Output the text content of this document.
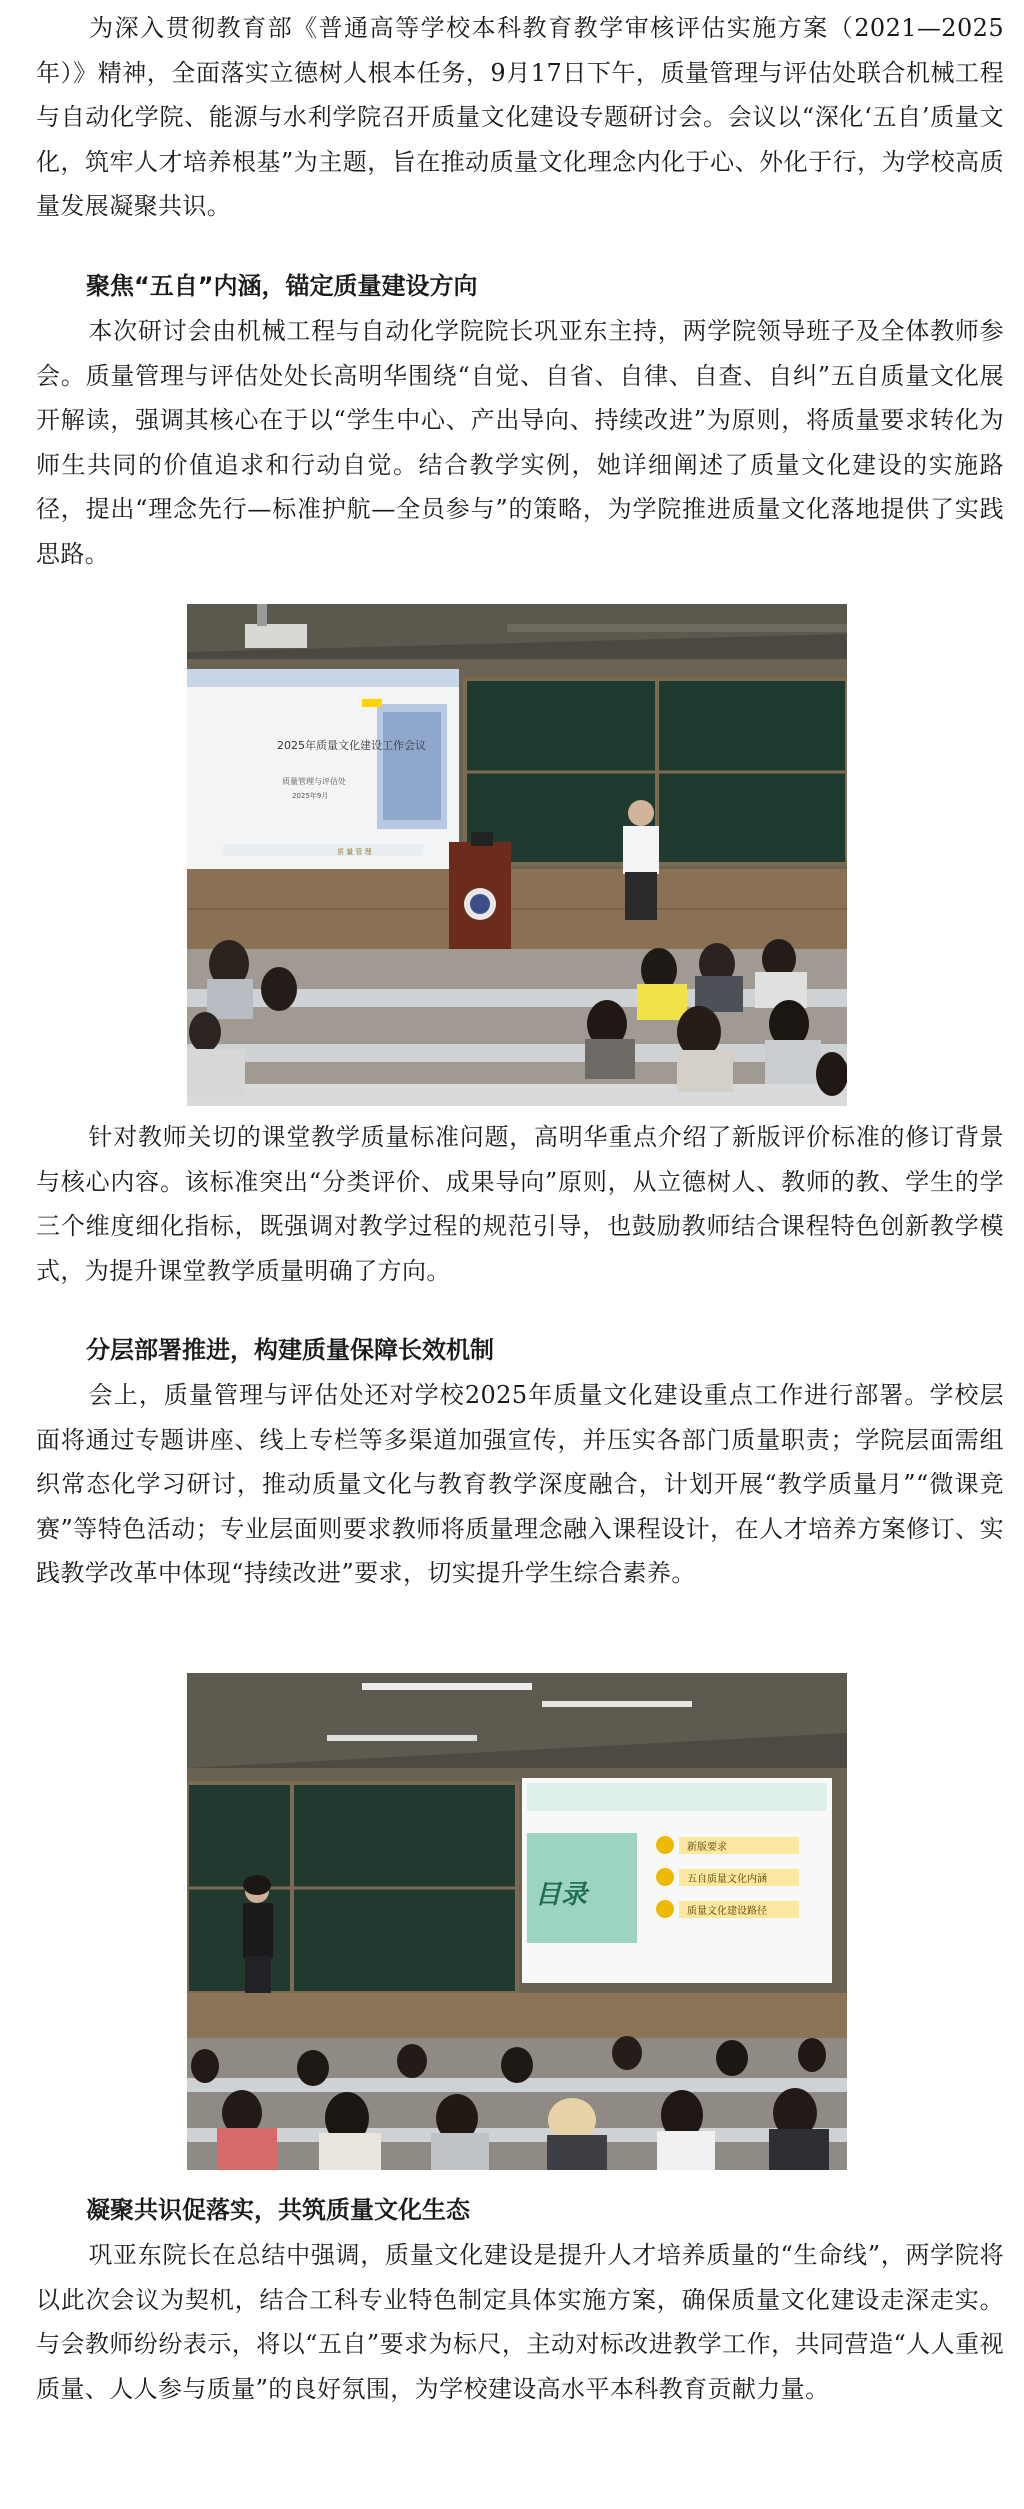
为深入贯彻教育部《普通高等学校本科教育教学审核评估实施方案（2021—2025年）》精神，全面落实立德树人根本任务，9月17日下午，质量管理与评估处联合机械工程与自动化学院、能源与水利学院召开质量文化建设专题研讨会。会议以“深化‘五自’质量文化，筑牢人才培养根基”为主题，旨在推动质量文化理念内化于心、外化于行，为学校高质量发展凝聚共识。

聚焦“五自”内涵，锚定质量建设方向

本次研讨会由机械工程与自动化学院院长巩亚东主持，两学院领导班子及全体教师参会。质量管理与评估处处长高明华围绕“自觉、自省、自律、自查、自纠”五自质量文化展开解读，强调其核心在于以“学生中心、产出导向、持续改进”为原则，将质量要求转化为师生共同的价值追求和行动自觉。结合教学实例，她详细阐述了质量文化建设的实施路径，提出“理念先行—标准护航—全员参与”的策略，为学院推进质量文化落地提供了实践思路。

2025年质量文化建设工作会议
质量管理与评估处
2025年9月
质 量 管 理

针对教师关切的课堂教学质量标准问题，高明华重点介绍了新版评价标准的修订背景与核心内容。该标准突出“分类评价、成果导向”原则，从立德树人、教师的教、学生的学三个维度细化指标，既强调对教学过程的规范引导，也鼓励教师结合课程特色创新教学模式，为提升课堂教学质量明确了方向。

分层部署推进，构建质量保障长效机制

会上，质量管理与评估处还对学校2025年质量文化建设重点工作进行部署。学校层面将通过专题讲座、线上专栏等多渠道加强宣传，并压实各部门质量职责；学院层面需组织常态化学习研讨，推动质量文化与教育教学深度融合，计划开展“教学质量月”“微课竞赛”等特色活动；专业层面则要求教师将质量理念融入课程设计，在人才培养方案修订、实践教学改革中体现“持续改进”要求，切实提升学生综合素养。

目录
新版要求
五自质量文化内涵
质量文化建设路径

凝聚共识促落实，共筑质量文化生态

巩亚东院长在总结中强调，质量文化建设是提升人才培养质量的“生命线”，两学院将以此次会议为契机，结合工科专业特色制定具体实施方案，确保质量文化建设走深走实。与会教师纷纷表示，将以“五自”要求为标尺，主动对标改进教学工作，共同营造“人人重视质量、人人参与质量”的良好氛围，为学校建设高水平本科教育贡献力量。
